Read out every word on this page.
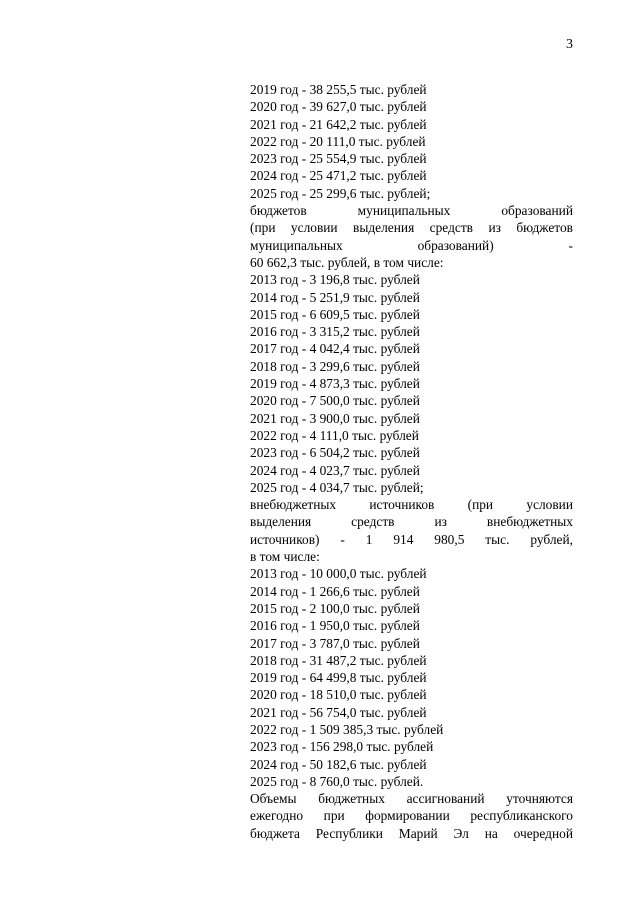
3
2019 год - 38 255,5 тыс. рублей
2020 год - 39 627,0 тыс. рублей
2021 год - 21 642,2 тыс. рублей
2022 год - 20 111,0 тыс. рублей
2023 год - 25 554,9 тыс. рублей
2024 год - 25 471,2 тыс. рублей
2025 год - 25 299,6 тыс. рублей;
бюджетов муниципальных образований
(при условии выделения средств из бюджетов
муниципальных образований) -
60 662,3 тыс. рублей, в том числе:
2013 год - 3 196,8 тыс. рублей
2014 год - 5 251,9 тыс. рублей
2015 год - 6 609,5 тыс. рублей
2016 год - 3 315,2 тыс. рублей
2017 год - 4 042,4 тыс. рублей
2018 год - 3 299,6 тыс. рублей
2019 год - 4 873,3 тыс. рублей
2020 год - 7 500,0 тыс. рублей
2021 год - 3 900,0 тыс. рублей
2022 год - 4 111,0 тыс. рублей
2023 год - 6 504,2 тыс. рублей
2024 год - 4 023,7 тыс. рублей
2025 год - 4 034,7 тыс. рублей;
внебюджетных источников (при условии
выделения средств из внебюджетных
источников) - 1 914 980,5 тыс. рублей,
в том числе:
2013 год - 10 000,0 тыс. рублей
2014 год - 1 266,6 тыс. рублей
2015 год - 2 100,0 тыс. рублей
2016 год - 1 950,0 тыс. рублей
2017 год - 3 787,0 тыс. рублей
2018 год - 31 487,2 тыс. рублей
2019 год - 64 499,8 тыс. рублей
2020 год - 18 510,0 тыс. рублей
2021 год - 56 754,0 тыс. рублей
2022 год - 1 509 385,3 тыс. рублей
2023 год - 156 298,0 тыс. рублей
2024 год - 50 182,6 тыс. рублей
2025 год - 8 760,0 тыс. рублей.
Объемы бюджетных ассигнований уточняются
ежегодно при формировании республиканского
бюджета Республики Марий Эл на очередной
